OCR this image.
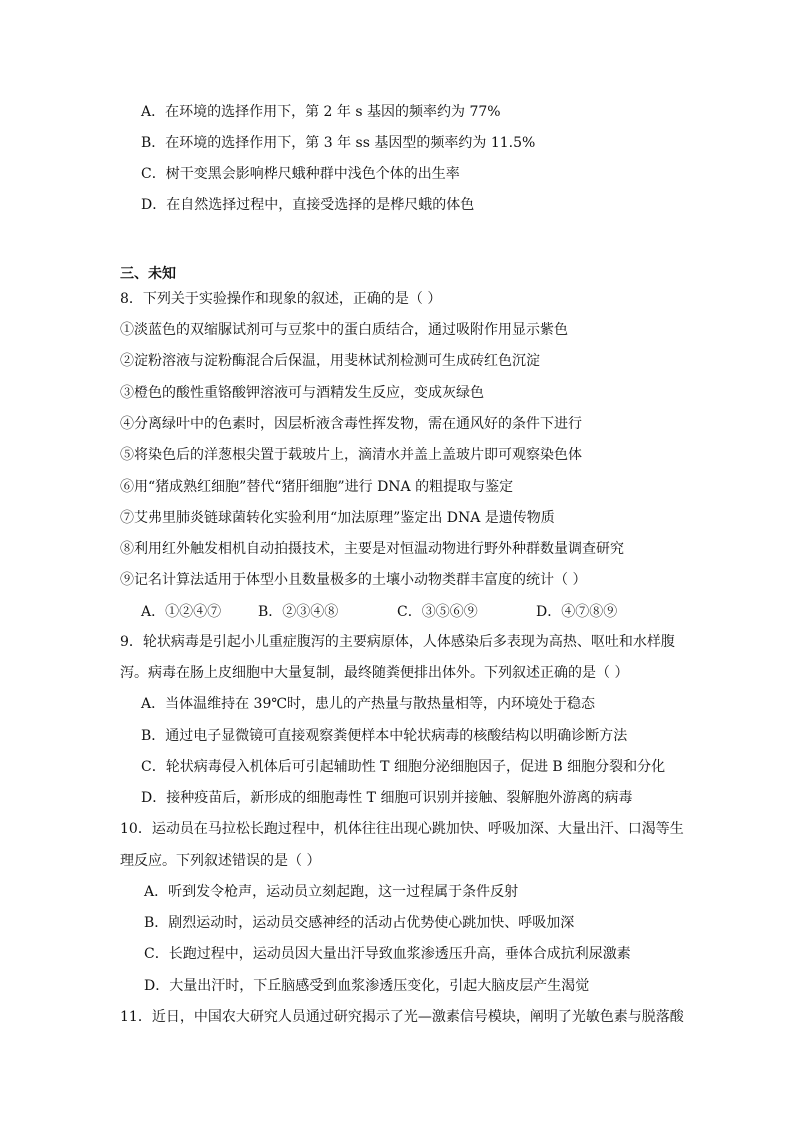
A．在环境的选择作用下，第 2 年 s 基因的频率约为 77%
B．在环境的选择作用下，第 3 年 ss 基因型的频率约为 11.5%
C．树干变黑会影响桦尺蛾种群中浅色个体的出生率
D．在自然选择过程中，直接受选择的是桦尺蛾的体色
三、未知
8．下列关于实验操作和现象的叙述，正确的是（ ）
①淡蓝色的双缩脲试剂可与豆浆中的蛋白质结合，通过吸附作用显示紫色
②淀粉溶液与淀粉酶混合后保温，用斐林试剂检测可生成砖红色沉淀
③橙色的酸性重铬酸钾溶液可与酒精发生反应，变成灰绿色
④分离绿叶中的色素时，因层析液含毒性挥发物，需在通风好的条件下进行
⑤将染色后的洋葱根尖置于载玻片上，滴清水并盖上盖玻片即可观察染色体
⑥用“猪成熟红细胞”替代“猪肝细胞”进行 DNA 的粗提取与鉴定
⑦艾弗里肺炎链球菌转化实验利用“加法原理”鉴定出 DNA 是遗传物质
⑧利用红外触发相机自动拍摄技术，主要是对恒温动物进行野外种群数量调查研究
⑨记名计算法适用于体型小且数量极多的土壤小动物类群丰富度的统计（ ）
A．①②④⑦	B．②③④⑧	C．③⑤⑥⑨	D．④⑦⑧⑨
9．轮状病毒是引起小儿重症腹泻的主要病原体，人体感染后多表现为高热、呕吐和水样腹
泻。病毒在肠上皮细胞中大量复制，最终随粪便排出体外。下列叙述正确的是（ ）
A．当体温维持在 39℃时，患儿的产热量与散热量相等，内环境处于稳态
B．通过电子显微镜可直接观察粪便样本中轮状病毒的核酸结构以明确诊断方法
C．轮状病毒侵入机体后可引起辅助性 T 细胞分泌细胞因子，促进 B 细胞分裂和分化
D．接种疫苗后，新形成的细胞毒性 T 细胞可识别并接触、裂解胞外游离的病毒
10．运动员在马拉松长跑过程中，机体往往出现心跳加快、呼吸加深、大量出汗、口渴等生
理反应。下列叙述错误的是（ ）
A．听到发令枪声，运动员立刻起跑，这一过程属于条件反射
B．剧烈运动时，运动员交感神经的活动占优势使心跳加快、呼吸加深
C．长跑过程中，运动员因大量出汗导致血浆渗透压升高，垂体合成抗利尿激素
D．大量出汗时，下丘脑感受到血浆渗透压变化，引起大脑皮层产生渴觉
11．近日，中国农大研究人员通过研究揭示了光—激素信号模块，阐明了光敏色素与脱落酸
